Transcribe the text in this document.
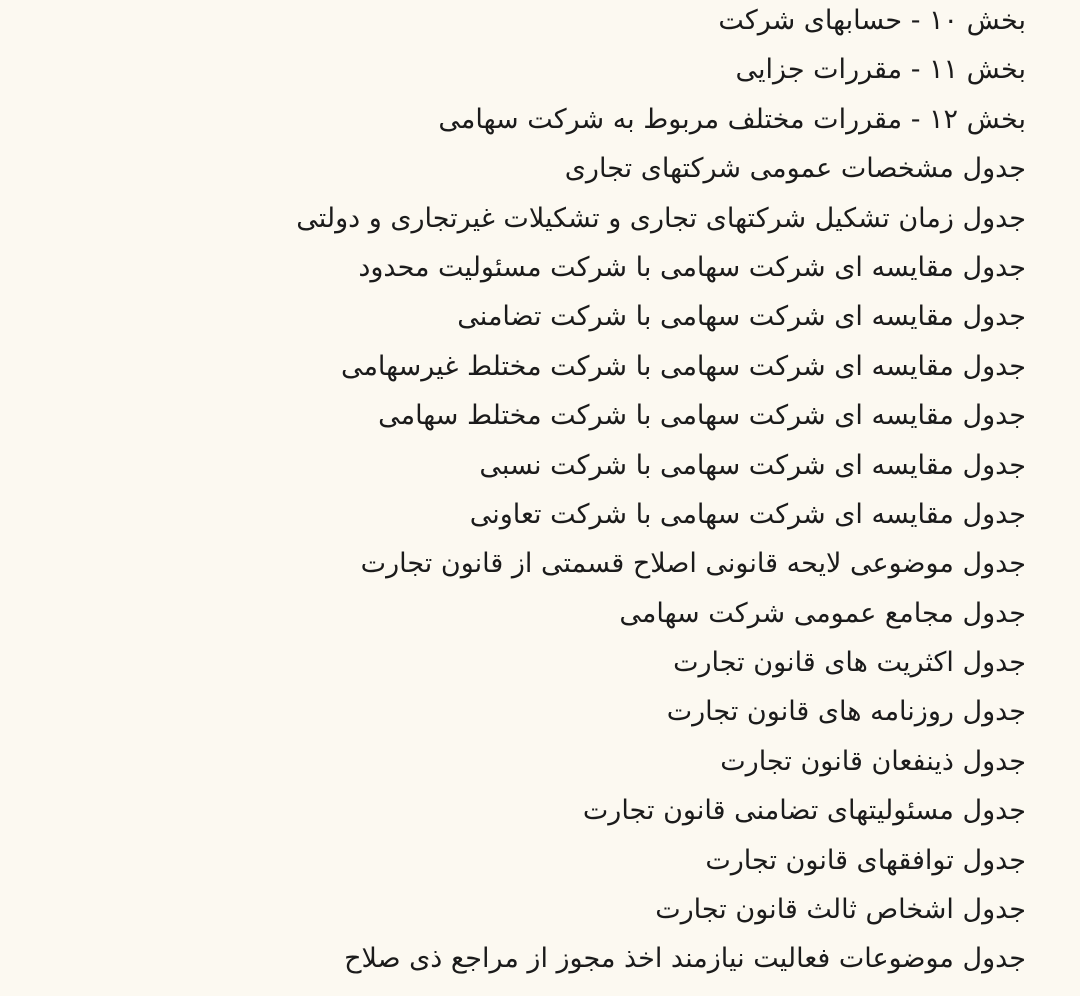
بخش ۱۰ - حسابهای شرکت
بخش ۱۱ - مقررات جزایی
بخش ۱۲ - مقررات مختلف مربوط به شرکت سهامی
جدول مشخصات عمومی شرکتهای تجاری
جدول زمان تشکیل شرکتهای تجاری و تشکیلات غیرتجاری و دولتی
جدول مقایسه ای شرکت سهامی با شرکت مسئولیت محدود
جدول مقایسه ای شرکت سهامی با شرکت تضامنی
جدول مقایسه ای شرکت سهامی با شرکت مختلط غیرسهامی
جدول مقایسه ای شرکت سهامی با شرکت مختلط سهامی
جدول مقایسه ای شرکت سهامی با شرکت نسبی
جدول مقایسه ای شرکت سهامی با شرکت تعاونی
جدول موضوعی لایحه قانونی اصلاح قسمتی از قانون تجارت
جدول مجامع عمومی شرکت سهامی
جدول اکثریت های قانون تجارت
جدول روزنامه های قانون تجارت
جدول ذینفعان قانون تجارت
جدول مسئولیتهای تضامنی قانون تجارت
جدول توافقهای قانون تجارت
جدول اشخاص ثالث قانون تجارت
جدول موضوعات فعالیت نیازمند اخذ مجوز از مراجع ذی صلاح
